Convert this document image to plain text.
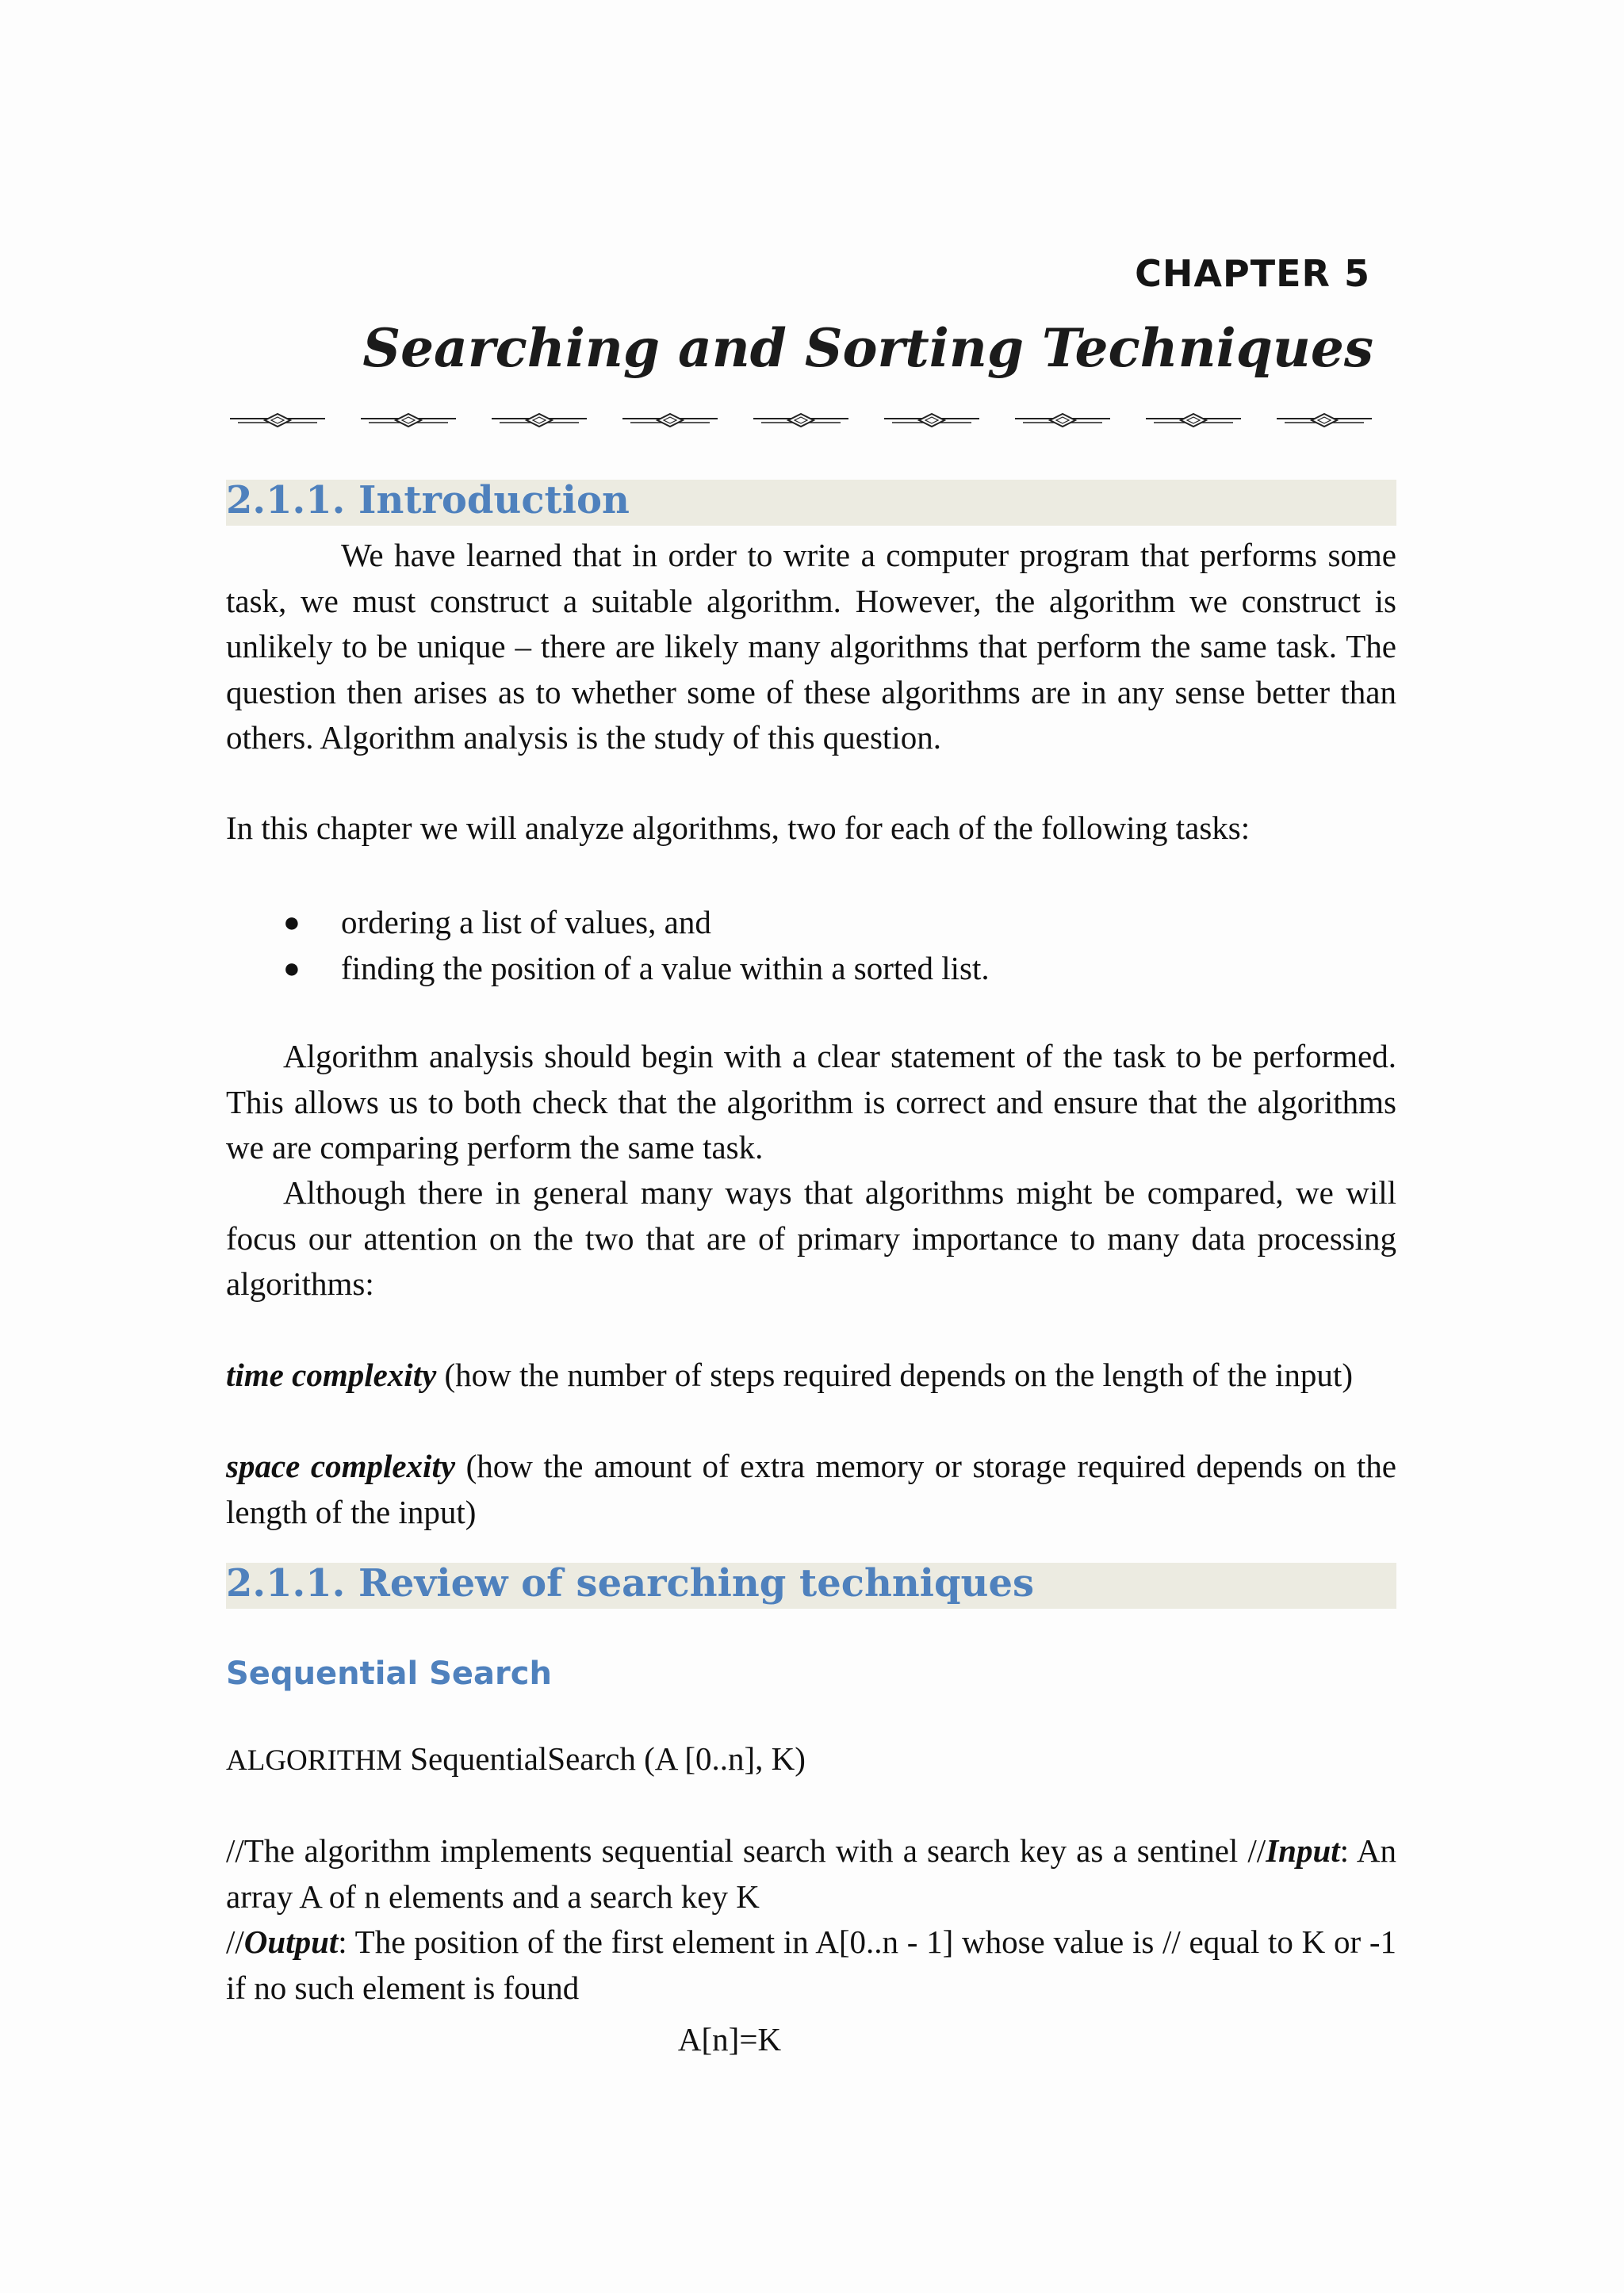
CHAPTER 5
Searching and Sorting Techniques
2.1.1. Introduction
We have learned that in order to write a computer program that performs some task, we must construct a suitable algorithm. However, the algorithm we construct is unlikely to be unique – there are likely many algorithms that perform the same task. The question then arises as to whether some of these algorithms are in any sense better than others. Algorithm analysis is the study of this question.
In this chapter we will analyze algorithms, two for each of the following tasks:
● ordering a list of values, and
● finding the position of a value within a sorted list.
Algorithm analysis should begin with a clear statement of the task to be performed. This allows us to both check that the algorithm is correct and ensure that the algorithms we are comparing perform the same task.
Although there in general many ways that algorithms might be compared, we will focus our attention on the two that are of primary importance to many data processing algorithms:
time complexity (how the number of steps required depends on the length of the input)
space complexity (how the amount of extra memory or storage required depends on the length of the input)
2.1.1. Review of searching techniques
Sequential Search
ALGORITHM SequentialSearch (A [0..n], K)
//The algorithm implements sequential search with a search key as a sentinel //Input: An array A of n elements and a search key K
//Output: The position of the first element in A[0..n - 1] whose value is // equal to K or -1 if no such element is found
A[n]=K
